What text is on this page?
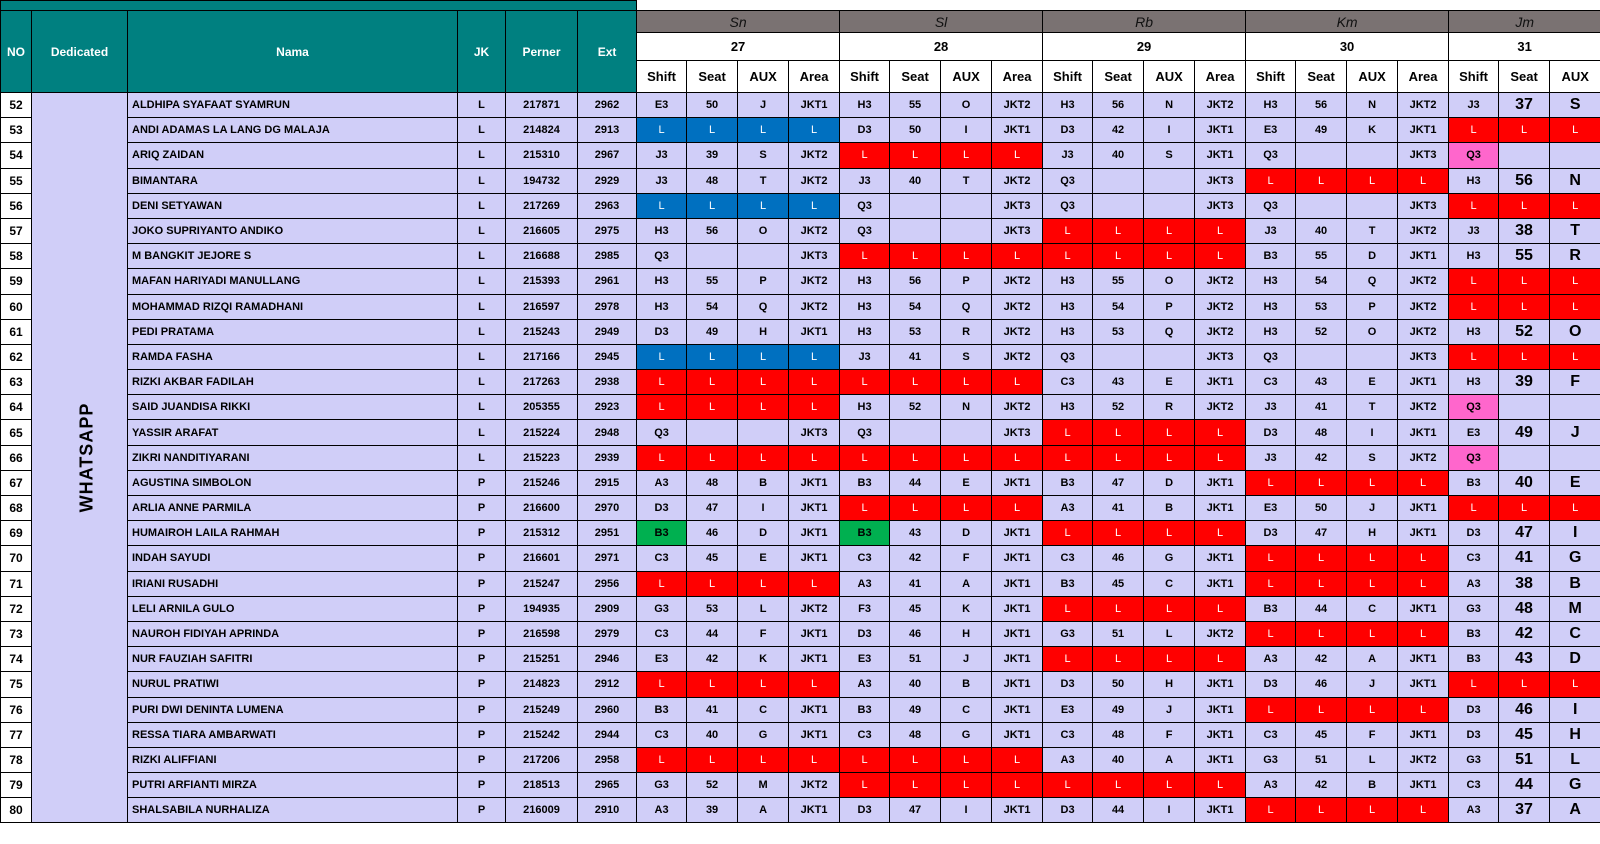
NO	Dedicated	Nama	JK	Perner	Ext	Sn				Sl				Rb				Km				Jm		
						27				28				29				30				31		
						Shift	Seat	AUX	Area	Shift	Seat	AUX	Area	Shift	Seat	AUX	Area	Shift	Seat	AUX	Area	Shift	Seat	AUX
52	WHATSAPP	ALDHIPA SYAFAAT SYAMRUN	L	217871	2962	E3	50	J	JKT1	H3	55	O	JKT2	H3	56	N	JKT2	H3	56	N	JKT2	J3	37	S
53		ANDI ADAMAS LA LANG DG MALAJA	L	214824	2913	L	L	L	L	D3	50	I	JKT1	D3	42	I	JKT1	E3	49	K	JKT1	L	L	L
54		ARIQ ZAIDAN	L	215310	2967	J3	39	S	JKT2	L	L	L	L	J3	40	S	JKT1	Q3			JKT3	Q3		
55		BIMANTARA	L	194732	2929	J3	48	T	JKT2	J3	40	T	JKT2	Q3			JKT3	L	L	L	L	H3	56	N
56		DENI SETYAWAN	L	217269	2963	L	L	L	L	Q3			JKT3	Q3			JKT3	Q3			JKT3	L	L	L
57		JOKO SUPRIYANTO ANDIKO	L	216605	2975	H3	56	O	JKT2	Q3			JKT3	L	L	L	L	J3	40	T	JKT2	J3	38	T
58		M BANGKIT JEJORE S	L	216688	2985	Q3			JKT3	L	L	L	L	L	L	L	L	B3	55	D	JKT1	H3	55	R
59		MAFAN HARIYADI MANULLANG	L	215393	2961	H3	55	P	JKT2	H3	56	P	JKT2	H3	55	O	JKT2	H3	54	Q	JKT2	L	L	L
60		MOHAMMAD RIZQI RAMADHANI	L	216597	2978	H3	54	Q	JKT2	H3	54	Q	JKT2	H3	54	P	JKT2	H3	53	P	JKT2	L	L	L
61		PEDI PRATAMA	L	215243	2949	D3	49	H	JKT1	H3	53	R	JKT2	H3	53	Q	JKT2	H3	52	O	JKT2	H3	52	O
62		RAMDA FASHA	L	217166	2945	L	L	L	L	J3	41	S	JKT2	Q3			JKT3	Q3			JKT3	L	L	L
63		RIZKI AKBAR FADILAH	L	217263	2938	L	L	L	L	L	L	L	L	C3	43	E	JKT1	C3	43	E	JKT1	H3	39	F
64		SAID JUANDISA RIKKI	L	205355	2923	L	L	L	L	H3	52	N	JKT2	H3	52	R	JKT2	J3	41	T	JKT2	Q3		
65		YASSIR ARAFAT	L	215224	2948	Q3			JKT3	Q3			JKT3	L	L	L	L	D3	48	I	JKT1	E3	49	J
66		ZIKRI NANDITIYARANI	L	215223	2939	L	L	L	L	L	L	L	L	L	L	L	L	J3	42	S	JKT2	Q3		
67		AGUSTINA SIMBOLON	P	215246	2915	A3	48	B	JKT1	B3	44	E	JKT1	B3	47	D	JKT1	L	L	L	L	B3	40	E
68		ARLIA ANNE PARMILA	P	216600	2970	D3	47	I	JKT1	L	L	L	L	A3	41	B	JKT1	E3	50	J	JKT1	L	L	L
69		HUMAIROH LAILA RAHMAH	P	215312	2951	B3	46	D	JKT1	B3	43	D	JKT1	L	L	L	L	D3	47	H	JKT1	D3	47	I
70		INDAH SAYUDI	P	216601	2971	C3	45	E	JKT1	C3	42	F	JKT1	C3	46	G	JKT1	L	L	L	L	C3	41	G
71		IRIANI RUSADHI	P	215247	2956	L	L	L	L	A3	41	A	JKT1	B3	45	C	JKT1	L	L	L	L	A3	38	B
72		LELI ARNILA GULO	P	194935	2909	G3	53	L	JKT2	F3	45	K	JKT1	L	L	L	L	B3	44	C	JKT1	G3	48	M
73		NAUROH FIDIYAH APRINDA	P	216598	2979	C3	44	F	JKT1	D3	46	H	JKT1	G3	51	L	JKT2	L	L	L	L	B3	42	C
74		NUR FAUZIAH SAFITRI	P	215251	2946	E3	42	K	JKT1	E3	51	J	JKT1	L	L	L	L	A3	42	A	JKT1	B3	43	D
75		NURUL PRATIWI	P	214823	2912	L	L	L	L	A3	40	B	JKT1	D3	50	H	JKT1	D3	46	J	JKT1	L	L	L
76		PURI DWI DENINTA LUMENA	P	215249	2960	B3	41	C	JKT1	B3	49	C	JKT1	E3	49	J	JKT1	L	L	L	L	D3	46	I
77		RESSA TIARA AMBARWATI	P	215242	2944	C3	40	G	JKT1	C3	48	G	JKT1	C3	48	F	JKT1	C3	45	F	JKT1	D3	45	H
78		RIZKI ALIFFIANI	P	217206	2958	L	L	L	L	L	L	L	L	A3	40	A	JKT1	G3	51	L	JKT2	G3	51	L
79		PUTRI ARFIANTI MIRZA	P	218513	2965	G3	52	M	JKT2	L	L	L	L	L	L	L	L	A3	42	B	JKT1	C3	44	G
80		SHALSABILA NURHALIZA	P	216009	2910	A3	39	A	JKT1	D3	47	I	JKT1	D3	44	I	JKT1	L	L	L	L	A3	37	A
